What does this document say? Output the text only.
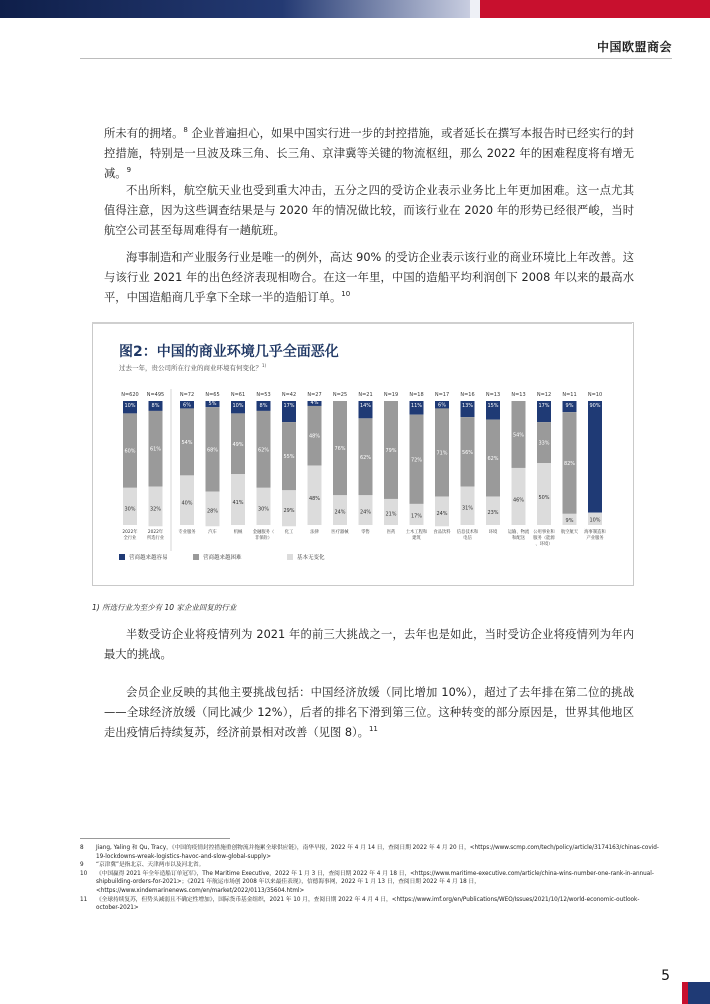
中国欧盟商会
所未有的拥堵。$^8$ 企业普遍担心，如果中国实行进一步的封控措施，或者延长在撰写本报告时已经实行的封控措施，特别是一旦波及珠三角、长三角、京津冀等关键的物流枢纽，那么 2022 年的困难程度将有增无减。$^9$
不出所料，航空航天业也受到重大冲击，五分之四的受访企业表示业务比上年更加困难。这一点尤其值得注意，因为这些调查结果是与 2020 年的情况做比较，而该行业在 2020 年的形势已经很严峻，当时航空公司甚至每周难得有一趟航班。
海事制造和产业服务行业是唯一的例外，高达 90% 的受访企业表示该行业的商业环境比上年改善。这与该行业 2021 年的出色经济表现相吻合。在这一年里，中国的造船平均利润创下 2008 年以来的最高水平，中国造船商几乎拿下全球一半的造船订单。$^{10}$
图2：中国的商业环境几乎全面恶化
过去一年，贵公司所在行业的商业环境有何变化？$^{1)}$
N=620
10%
60%
30%
2022年
全行业
N=495
8%
61%
32%
2022年
所选行业
N=72
6%
54%
40%
专业服务
N=65
5%
68%
28%
汽车
N=61
10%
49%
41%
机械
N=53
8%
62%
30%
金融服务（
非保险）
N=42
17%
55%
29%
化工
N=27
4%
48%
48%
法律
N=25
76%
24%
医疗器械
N=21
14%
62%
24%
零售
N=19
79%
21%
医药
N=18
11%
72%
17%
土木工程和
建筑
N=17
6%
71%
24%
食品饮料
N=16
13%
56%
31%
信息技术和
电信
N=13
15%
62%
23%
环境
N=13
54%
46%
运输、物流
和配送
N=12
17%
33%
50%
公用事业和
服务（能源
、环境）
N=11
9%
82%
9%
航空航天
N=10
90%
10%
海事制造和
产业服务
营商越来越容易	营商越来越困难	基本无变化
1) 所选行业为至少有 10 家企业回复的行业
半数受访企业将疫情列为 2021 年的前三大挑战之一，去年也是如此，当时受访企业将疫情列为年内最大的挑战。
会员企业反映的其他主要挑战包括：中国经济放缓（同比增加 10%），超过了去年排在第二位的挑战——全球经济放缓（同比减少 12%），后者的排名下滑到第三位。这种转变的部分原因是，世界其他地区走出疫情后持续复苏，经济前景相对改善（见图 8）。$^{11}$
8	Jiang, Yaling 和 Qu, Tracy，《中国的疫情封控措施重创物流并拖累全球供应链》，南华早报，2022 年 4 月 14 日，查阅日期 2022 年 4 月 20 日，<https://www.scmp.com/tech/policy/article/3174163/chinas-covid-19-lockdowns-wreak-logistics-havoc-and-slow-global-supply>
9	“京津冀”是指北京、天津两市以及河北省。
10	《中国赢得 2021 年全年造船订单冠军》，The Maritime Executive，2022 年 1 月 3 日，查阅日期 2022 年 4 月 18 日，<https://www.maritime-executive.com/article/china-wins-number-one-rank-in-annual-shipbuilding-orders-for-2021>；《2021 年航运市场创 2008 年以来最佳表现》，信德海事网，2022 年 1 月 13 日，查阅日期 2022 年 4 月 18 日，<https://www.xindemarinenews.com/en/market/2022/0113/35604.html>
11	《全球持续复苏，但势头减弱且不确定性增加》，国际货币基金组织，2021 年 10 月，查阅日期 2022 年 4 月 4 日，<https://www.imf.org/en/Publications/WEO/Issues/2021/10/12/world-economic-outlook-october-2021>
5
